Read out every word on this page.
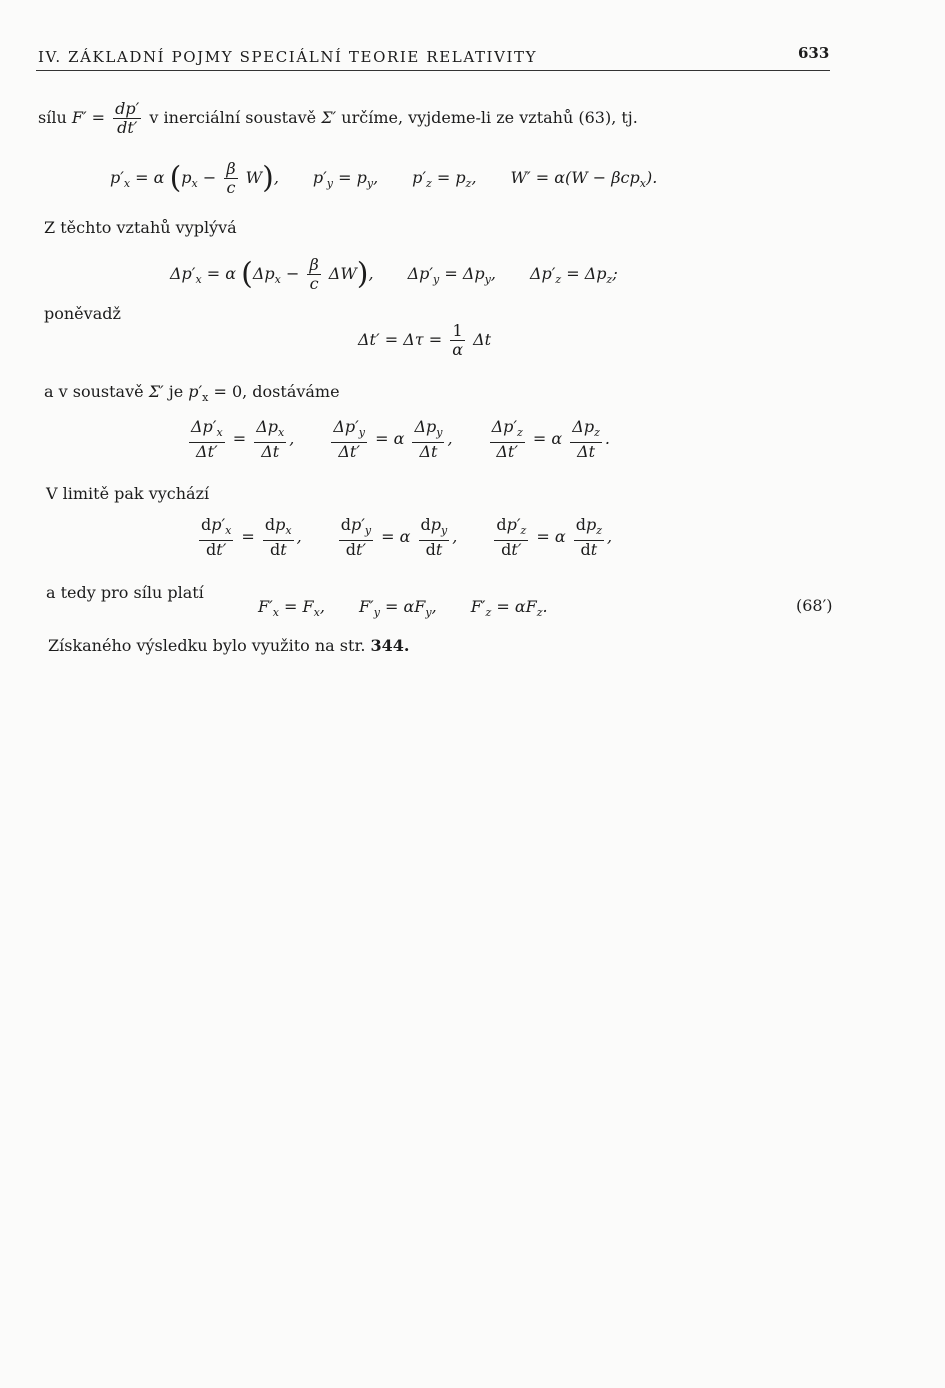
IV. ZÁKLADNÍ POJMY SPECIÁLNÍ TEORIE RELATIVITY	633
sílu $F' = \frac{dp'}{dt'}$ v inerciální soustavě Σ′ určíme, vyjdeme-li ze vztahů (63), tj.
$p'_x = \alpha$ $(p_x - \frac{\beta}{c} W)$, $p'_y = p_y$, $p'_z = p_z$, W′ = α(W − βcp$_x$).
Z těchto vztahů vyplývá
$\Delta p'_x = \alpha$ $(\Delta p_x - \frac{\beta}{c} \Delta W)$, $\Delta p'_y = \Delta p_y$, $\Delta p'_z = \Delta p_z$;
poněvadž
$\Delta t' = \Delta\tau = \frac{1}{\alpha}$ Δt
a v soustavě Σ′ je $p'_x = 0$, dostáváme
$\frac{\Delta p'_x}{\Delta t'} = \frac{\Delta p_x}{\Delta t}$ , $\frac{\Delta p'_y}{\Delta t'} = \alpha \frac{\Delta p_y}{\Delta t}$ , $\frac{\Delta p'_z}{\Delta t'} = \alpha \frac{\Delta p_z}{\Delta t}$ .
V limitě pak vychází
$\frac{dp'_x}{dt'} = \frac{dp_x}{dt}$ , $\frac{dp'_y}{dt'} = \alpha \frac{dp_y}{dt}$ , $\frac{dp'_z}{dt'} = \alpha \frac{dp_z}{dt}$ ,
a tedy pro sílu platí
$F'_x = F_x$, $F'_y = \alpha F_y$, $F'_z = \alpha F_z$.	(68′)
Získaného výsledku bylo využito na str. 344.
